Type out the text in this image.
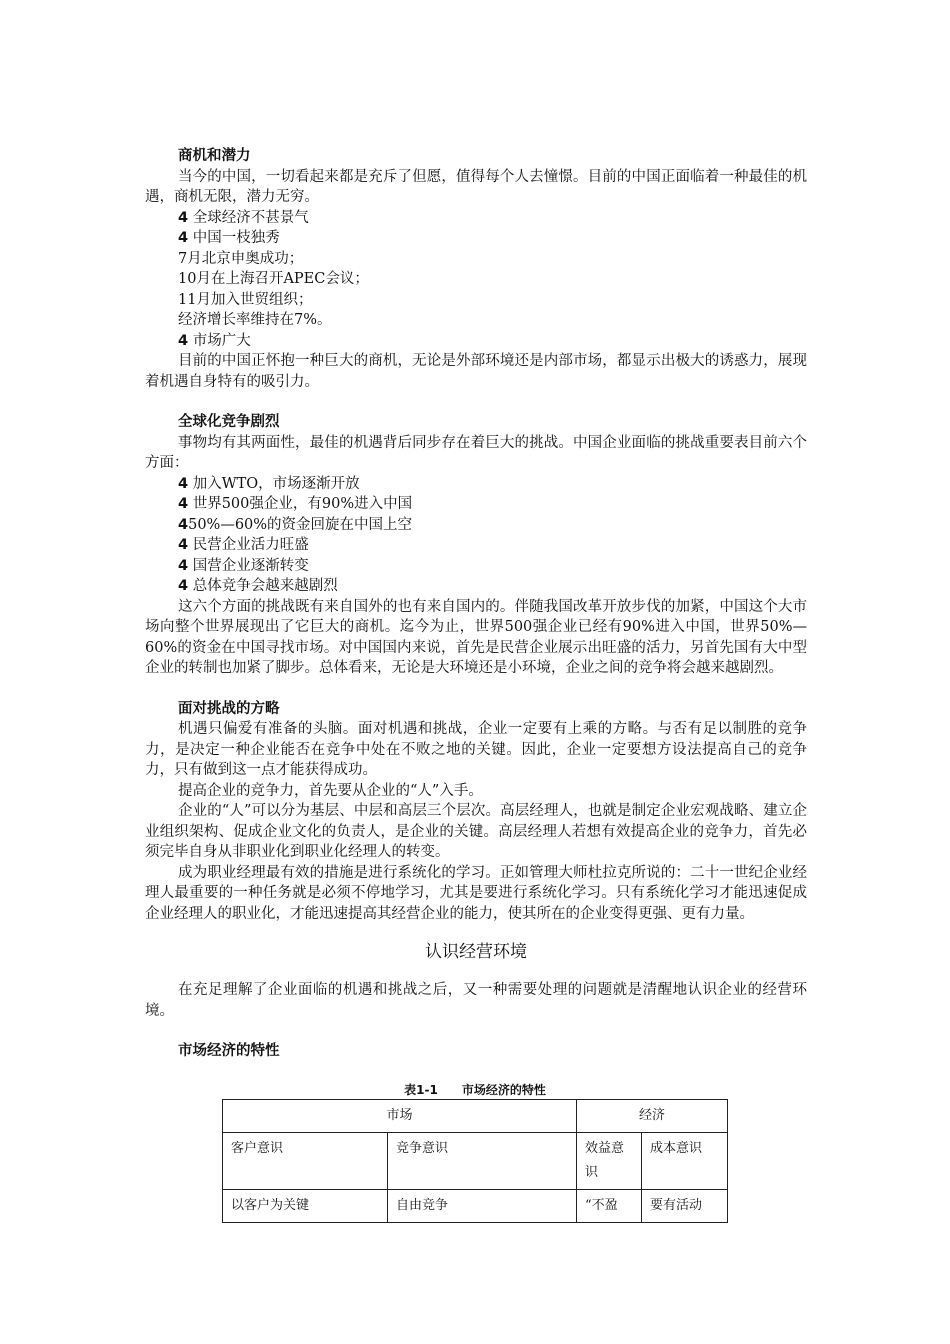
商机和潜力

当今的中国，一切看起来都是充斥了但愿，值得每个人去憧憬。目前的中国正面临着一种最佳的机遇，商机无限，潜力无穷。

4 全球经济不甚景气

4 中国一枝独秀

7月北京申奥成功；

10月在上海召开APEC会议；

11月加入世贸组织；

经济增长率维持在7%。

4 市场广大

目前的中国正怀抱一种巨大的商机，无论是外部环境还是内部市场，都显示出极大的诱惑力，展现着机遇自身特有的吸引力。

全球化竞争剧烈

事物均有其两面性，最佳的机遇背后同步存在着巨大的挑战。中国企业面临的挑战重要表目前六个方面：

4 加入WTO，市场逐渐开放

4 世界500强企业，有90%进入中国

450%—60%的资金回旋在中国上空

4 民营企业活力旺盛

4 国营企业逐渐转变

4 总体竞争会越来越剧烈

这六个方面的挑战既有来自国外的也有来自国内的。伴随我国改革开放步伐的加紧，中国这个大市场向整个世界展现出了它巨大的商机。迄今为止，世界500强企业已经有90%进入中国，世界50%—60%的资金在中国寻找市场。对中国国内来说，首先是民营企业展示出旺盛的活力，另首先国有大中型企业的转制也加紧了脚步。总体看来，无论是大环境还是小环境，企业之间的竞争将会越来越剧烈。

面对挑战的方略

机遇只偏爱有准备的头脑。面对机遇和挑战，企业一定要有上乘的方略。与否有足以制胜的竞争力，是决定一种企业能否在竞争中处在不败之地的关键。因此，企业一定要想方设法提高自己的竞争力，只有做到这一点才能获得成功。

提高企业的竞争力，首先要从企业的“人”入手。

企业的“人”可以分为基层、中层和高层三个层次。高层经理人，也就是制定企业宏观战略、建立企业组织架构、促成企业文化的负责人，是企业的关键。高层经理人若想有效提高企业的竞争力，首先必须完毕自身从非职业化到职业化经理人的转变。

成为职业经理最有效的措施是进行系统化的学习。正如管理大师杜拉克所说的：二十一世纪企业经理人最重要的一种任务就是必须不停地学习，尤其是要进行系统化学习。只有系统化学习才能迅速促成企业经理人的职业化，才能迅速提高其经营企业的能力，使其所在的企业变得更强、更有力量。

认识经营环境

在充足理解了企业面临的机遇和挑战之后，又一种需要处理的问题就是清醒地认识企业的经营环境。

市场经济的特性

表1-1　　市场经济的特性

市场		经济	
客户意识	竞争意识	效益意识	成本意识
以客户为关键	自由竞争	“不盈	要有活动
